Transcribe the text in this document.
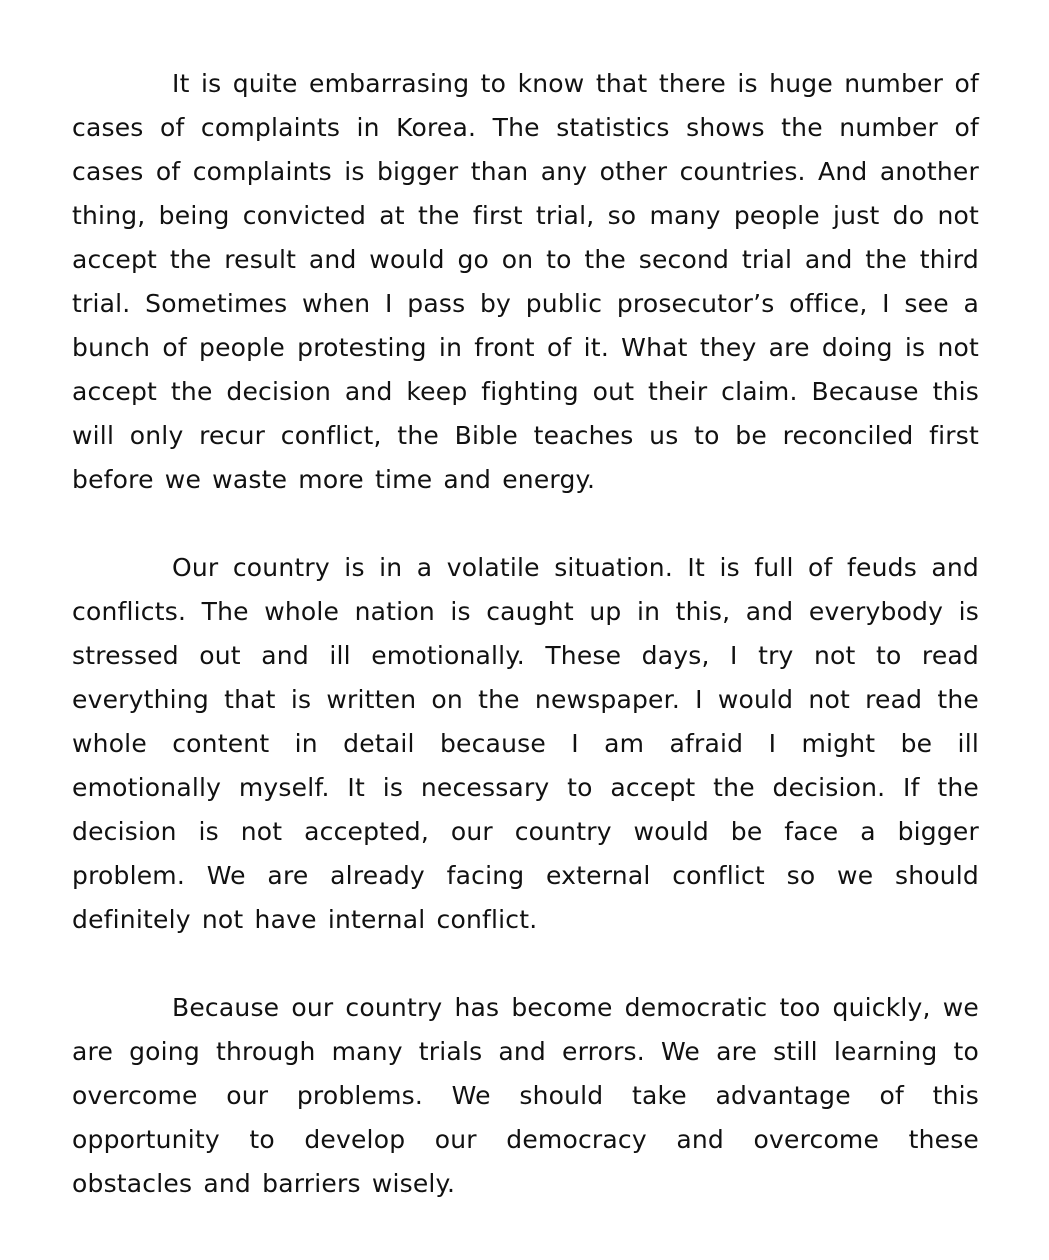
It is quite embarrasing to know that there is huge number of cases of complaints in Korea. The statistics shows the number of cases of complaints is bigger than any other countries. And another thing, being convicted at the first trial, so many people just do not accept the result and would go on to the second trial and the third trial. Sometimes when I pass by public prosecutor’s office, I see a bunch of people protesting in front of it. What they are doing is not accept the decision and keep fighting out their claim. Because this will only recur conflict, the Bible teaches us to be reconciled first before we waste more time and energy.

Our country is in a volatile situation. It is full of feuds and conflicts. The whole nation is caught up in this, and everybody is stressed out and ill emotionally. These days, I try not to read everything that is written on the newspaper. I would not read the whole content in detail because I am afraid I might be ill emotionally myself. It is necessary to accept the decision. If the decision is not accepted, our country would be face a bigger problem. We are already facing external conflict so we should definitely not have internal conflict.

Because our country has become democratic too quickly, we are going through many trials and errors. We are still learning to overcome our problems. We should take advantage of this opportunity to develop our democracy and overcome these obstacles and barriers wisely.
